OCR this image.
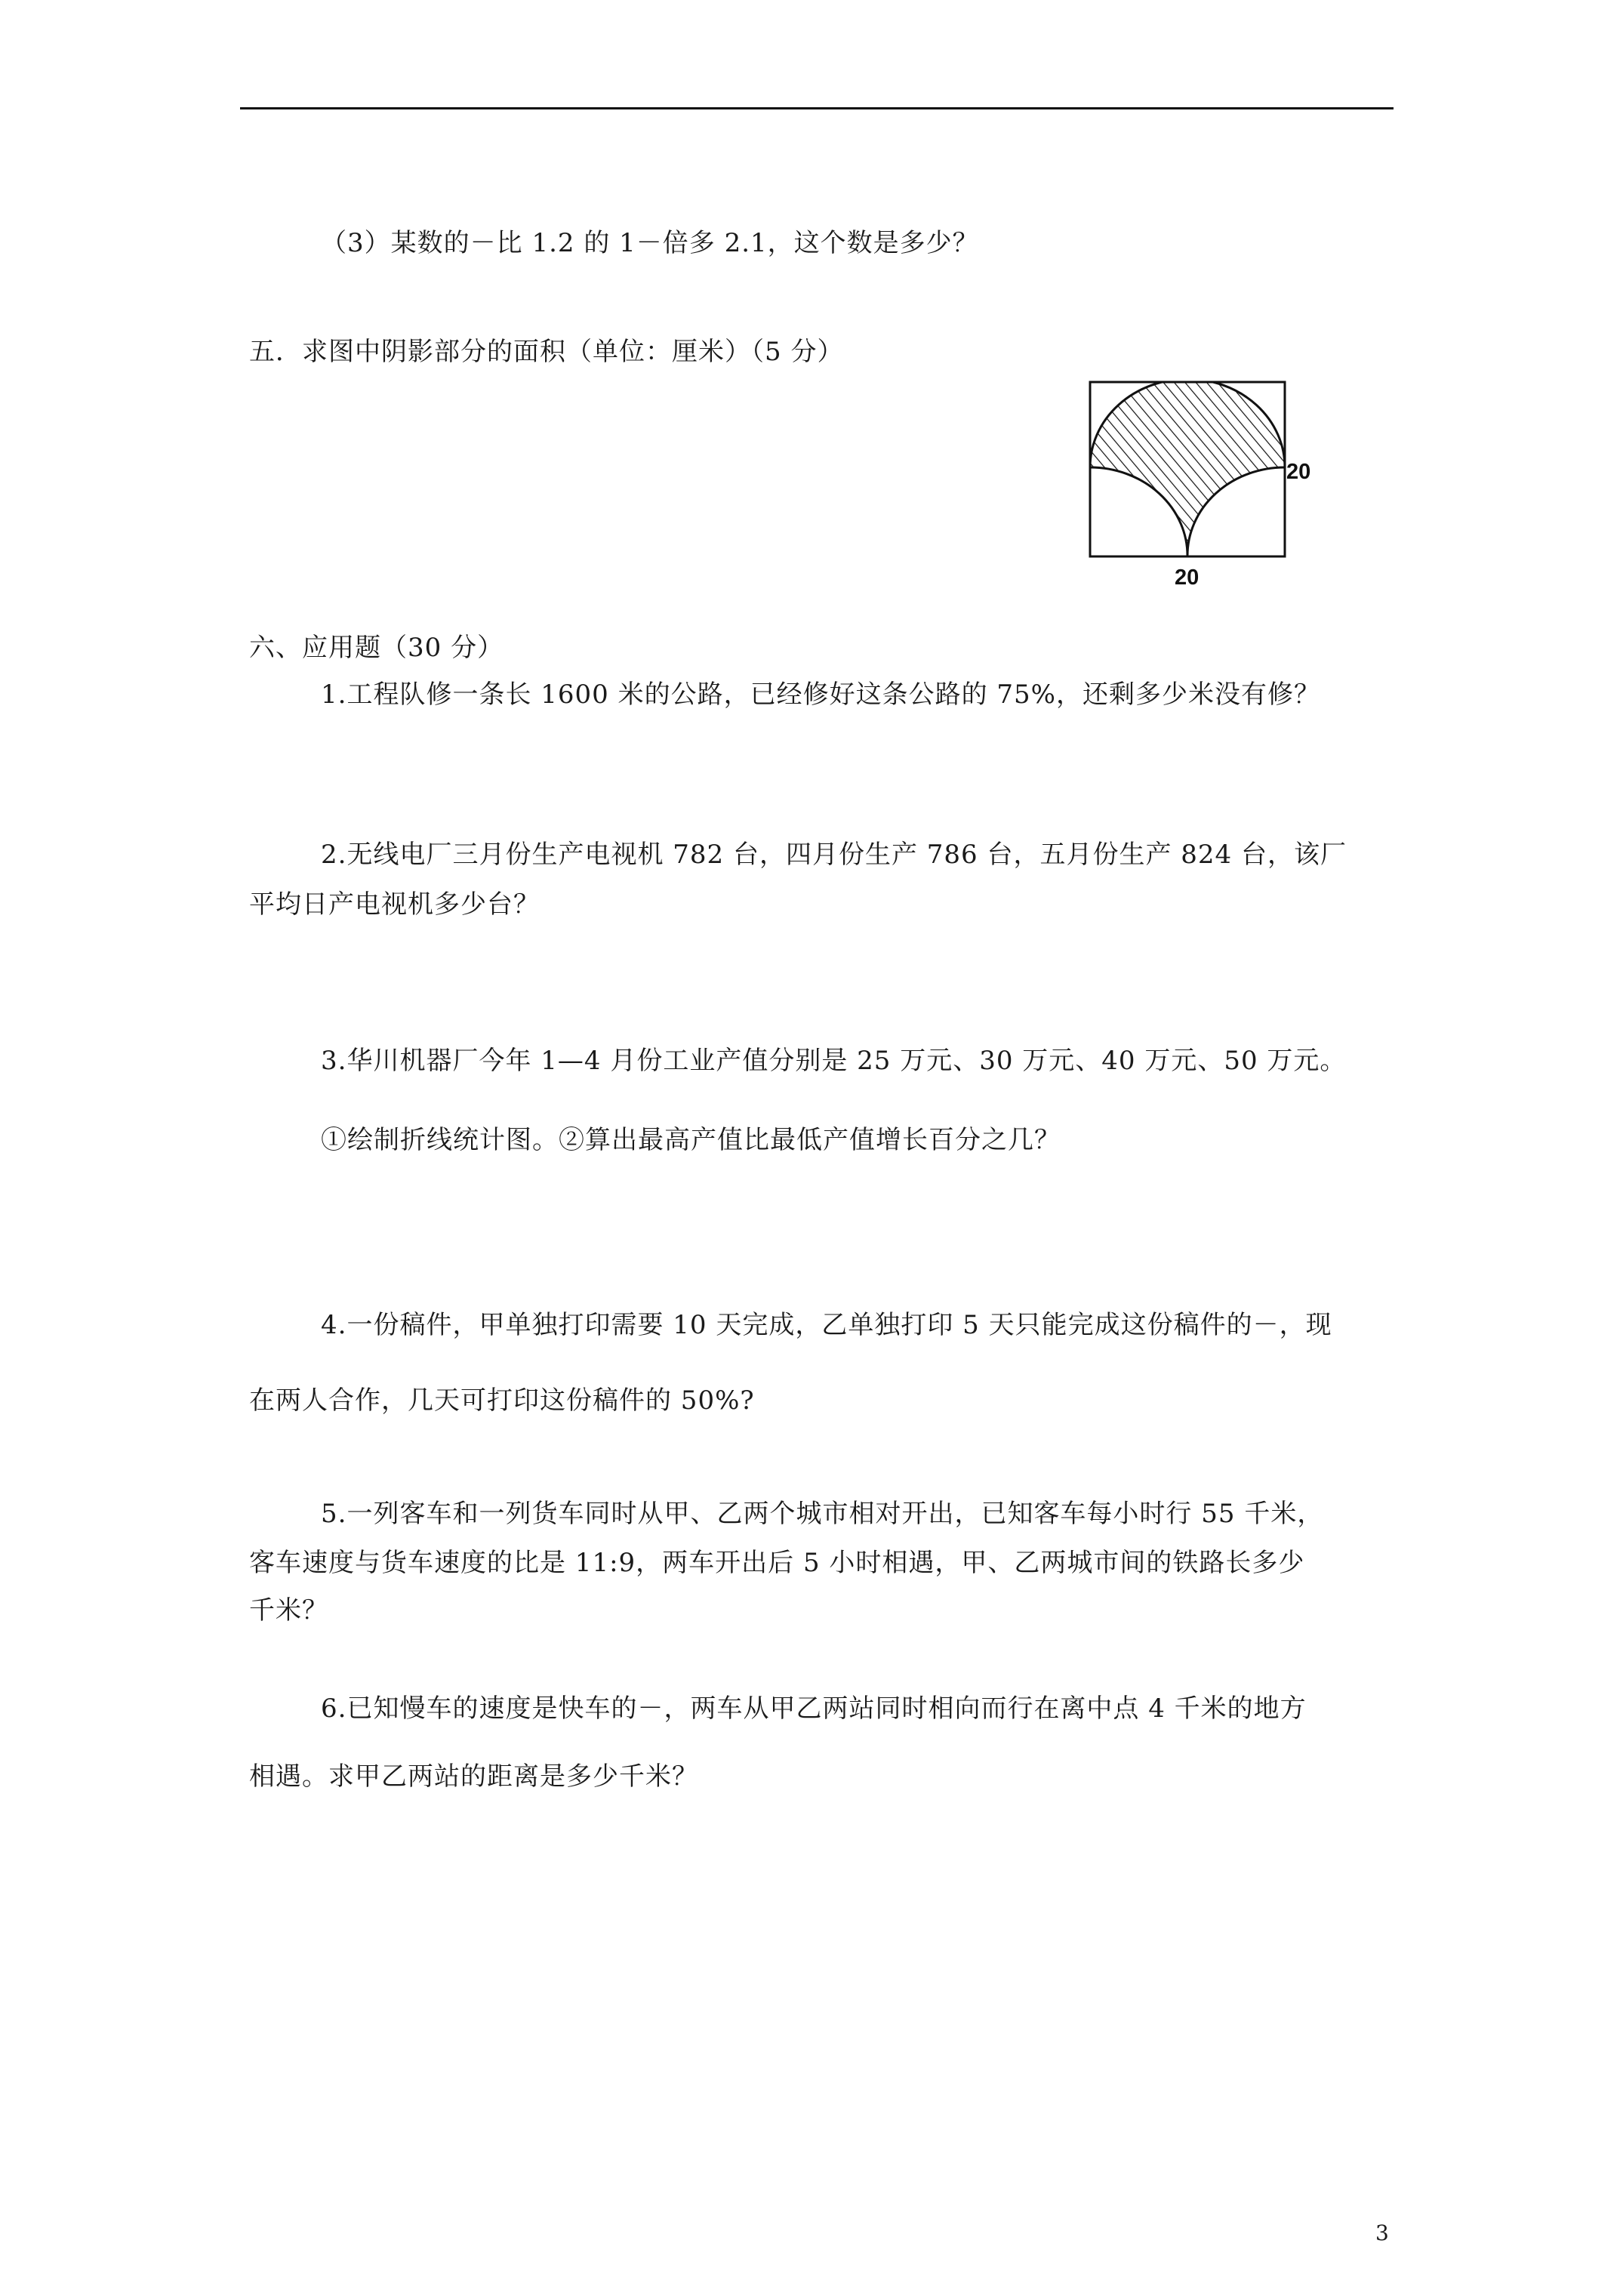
（3）某数的－比 1.2 的 1－倍多 2.1，这个数是多少？
五．求图中阴影部分的面积（单位：厘米）（5 分）
20
20
六、应用题（30 分）
1.工程队修一条长 1600 米的公路，已经修好这条公路的 75%，还剩多少米没有修？
2.无线电厂三月份生产电视机 782 台，四月份生产 786 台，五月份生产 824 台，该厂
平均日产电视机多少台？
3.华川机器厂今年 1—4 月份工业产值分别是 25 万元、30 万元、40 万元、50 万元。
①绘制折线统计图。②算出最高产值比最低产值增长百分之几？
4.一份稿件，甲单独打印需要 10 天完成，乙单独打印 5 天只能完成这份稿件的－，现
在两人合作，几天可打印这份稿件的 50%?
5.一列客车和一列货车同时从甲、乙两个城市相对开出，已知客车每小时行 55 千米，
客车速度与货车速度的比是 11:9，两车开出后 5 小时相遇，甲、乙两城市间的铁路长多少
千米？
6.已知慢车的速度是快车的－，两车从甲乙两站同时相向而行在离中点 4 千米的地方
相遇。求甲乙两站的距离是多少千米？
3
